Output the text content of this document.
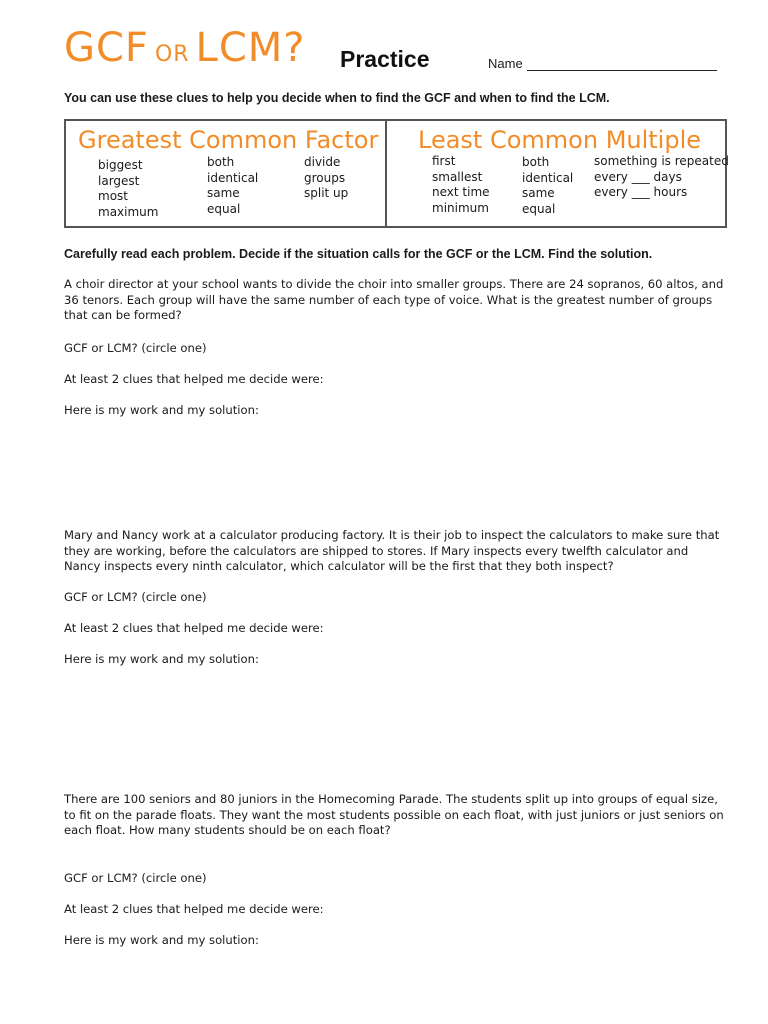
GCF OR LCM? Practice	Name
You can use these clues to help you decide when to find the GCF and when to find the LCM.
Greatest Common Factor
biggest
largest
most
maximum
both
identical
same
equal
divide
groups
split up
Least Common Multiple
first
smallest
next time
minimum
both
identical
same
equal
something is repeated
every ___ days
every ___ hours
Carefully read each problem. Decide if the situation calls for the GCF or the LCM. Find the solution.
A choir director at your school wants to divide the choir into smaller groups. There are 24 sopranos, 60 altos, and 36 tenors. Each group will have the same number of each type of voice. What is the greatest number of groups that can be formed?
GCF or LCM? (circle one)
At least 2 clues that helped me decide were:
Here is my work and my solution:
Mary and Nancy work at a calculator producing factory. It is their job to inspect the calculators to make sure that they are working, before the calculators are shipped to stores. If Mary inspects every twelfth calculator and Nancy inspects every ninth calculator, which calculator will be the first that they both inspect?
GCF or LCM? (circle one)
At least 2 clues that helped me decide were:
Here is my work and my solution:
There are 100 seniors and 80 juniors in the Homecoming Parade. The students split up into groups of equal size, to fit on the parade floats. They want the most students possible on each float, with just juniors or just seniors on each float. How many students should be on each float?
GCF or LCM? (circle one)
At least 2 clues that helped me decide were:
Here is my work and my solution:
